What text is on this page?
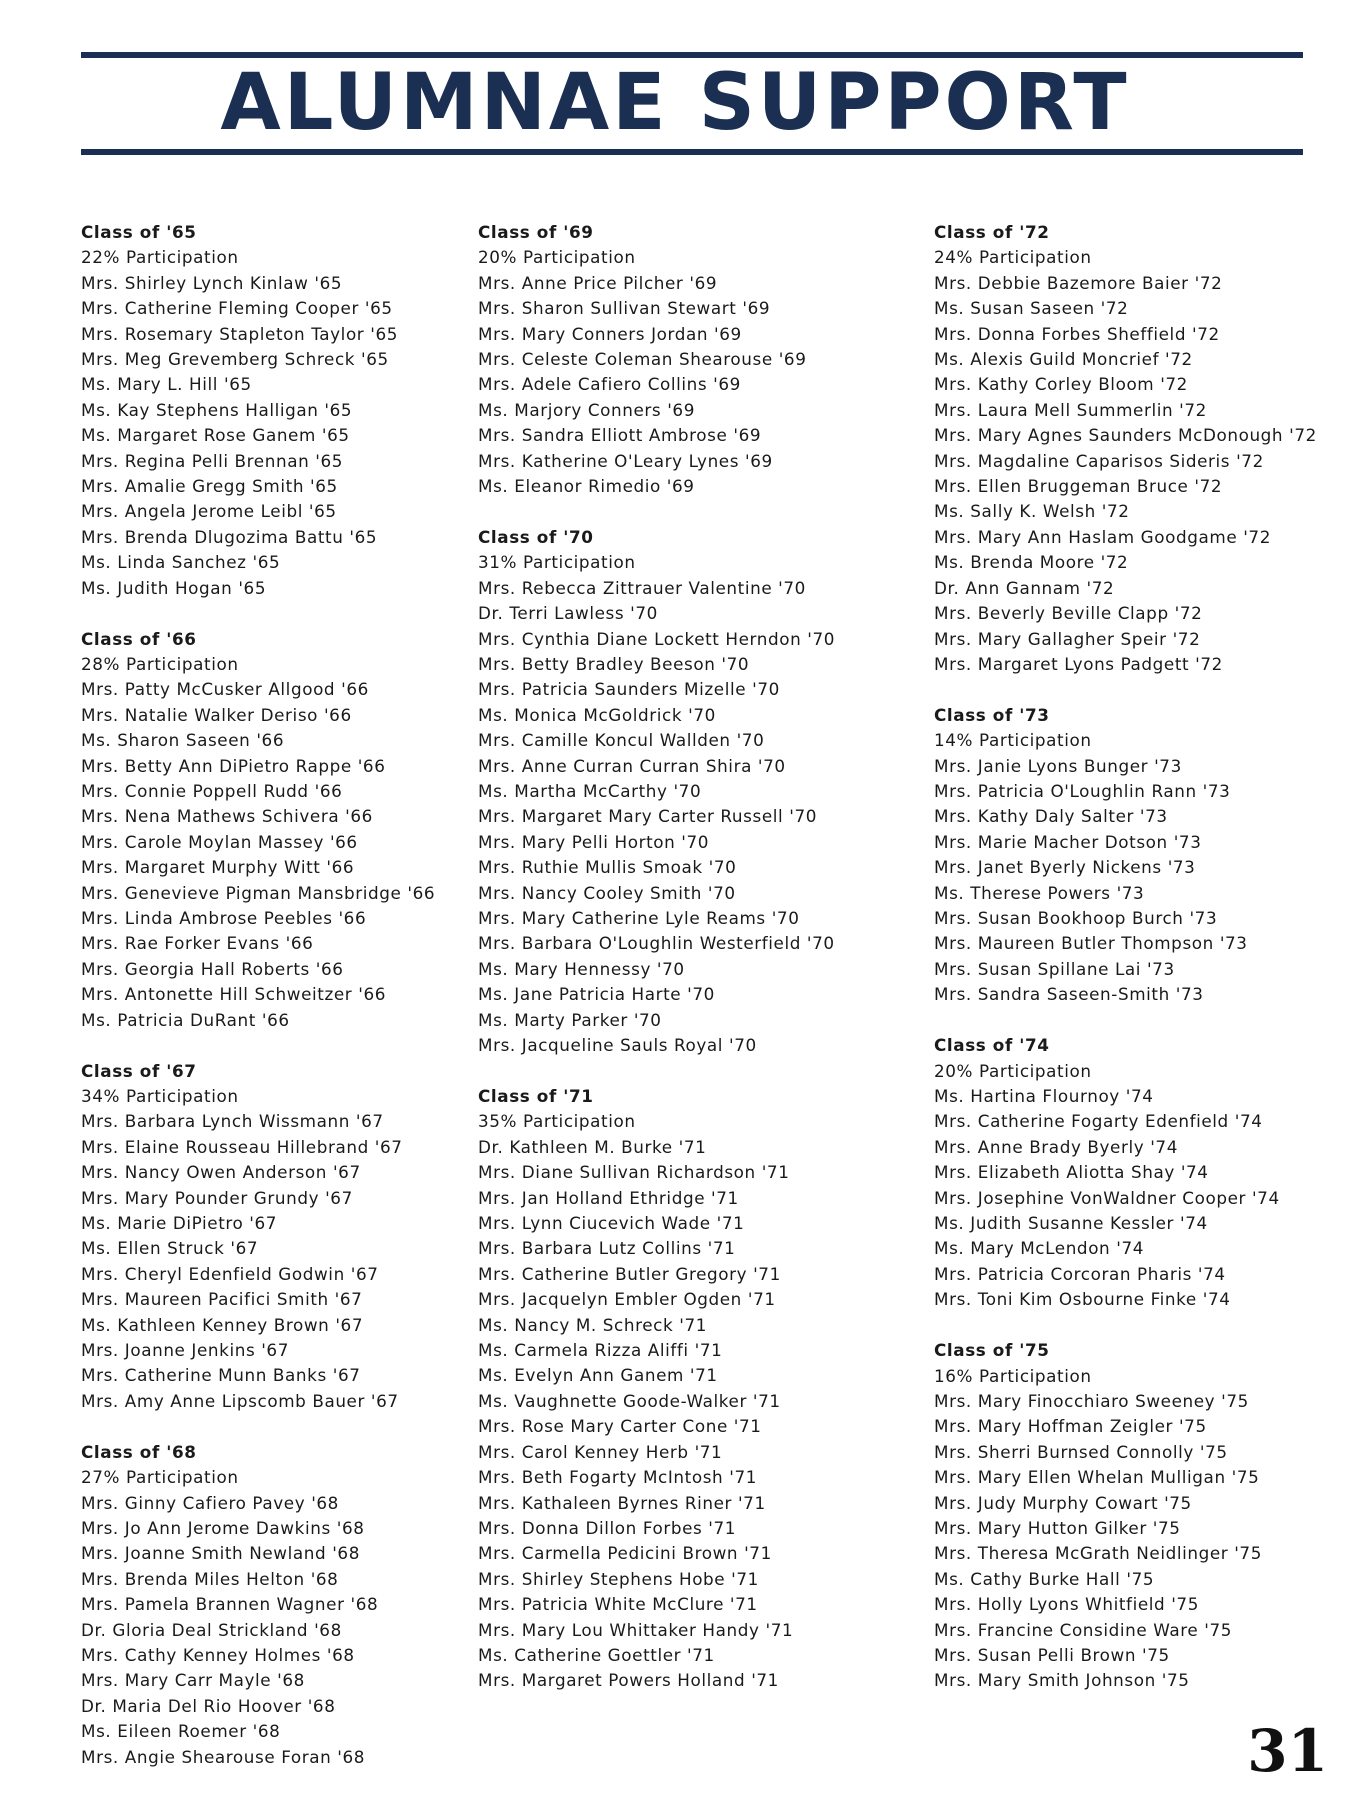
ALUMNAE SUPPORT
Class of '65
22% Participation
Mrs. Shirley Lynch Kinlaw '65
Mrs. Catherine Fleming Cooper '65
Mrs. Rosemary Stapleton Taylor '65
Mrs. Meg Grevemberg Schreck '65
Ms. Mary L. Hill '65
Ms. Kay Stephens Halligan '65
Ms. Margaret Rose Ganem '65
Mrs. Regina Pelli Brennan '65
Mrs. Amalie Gregg Smith '65
Mrs. Angela Jerome Leibl '65
Mrs. Brenda Dlugozima Battu '65
Ms. Linda Sanchez '65
Ms. Judith Hogan '65
Class of '66
28% Participation
Mrs. Patty McCusker Allgood '66
Mrs. Natalie Walker Deriso '66
Ms. Sharon Saseen '66
Mrs. Betty Ann DiPietro Rappe '66
Mrs. Connie Poppell Rudd '66
Mrs. Nena Mathews Schivera '66
Mrs. Carole Moylan Massey '66
Mrs. Margaret Murphy Witt '66
Mrs. Genevieve Pigman Mansbridge '66
Mrs. Linda Ambrose Peebles '66
Mrs. Rae Forker Evans '66
Mrs. Georgia Hall Roberts '66
Mrs. Antonette Hill Schweitzer '66
Ms. Patricia DuRant '66
Class of '67
34% Participation
Mrs. Barbara Lynch Wissmann '67
Mrs. Elaine Rousseau Hillebrand '67
Mrs. Nancy Owen Anderson '67
Mrs. Mary Pounder Grundy '67
Ms. Marie DiPietro '67
Ms. Ellen Struck '67
Mrs. Cheryl Edenfield Godwin '67
Mrs. Maureen Pacifici Smith '67
Ms. Kathleen Kenney Brown '67
Mrs. Joanne Jenkins '67
Mrs. Catherine Munn Banks '67
Mrs. Amy Anne Lipscomb Bauer '67
Class of '68
27% Participation
Mrs. Ginny Cafiero Pavey '68
Mrs. Jo Ann Jerome Dawkins '68
Mrs. Joanne Smith Newland '68
Mrs. Brenda Miles Helton '68
Mrs. Pamela Brannen Wagner '68
Dr. Gloria Deal Strickland '68
Mrs. Cathy Kenney Holmes '68
Mrs. Mary Carr Mayle '68
Dr. Maria Del Rio Hoover '68
Ms. Eileen Roemer '68
Mrs. Angie Shearouse Foran '68
Class of '69
20% Participation
Mrs. Anne Price Pilcher '69
Mrs. Sharon Sullivan Stewart '69
Mrs. Mary Conners Jordan '69
Mrs. Celeste Coleman Shearouse '69
Mrs. Adele Cafiero Collins '69
Ms. Marjory Conners '69
Mrs. Sandra Elliott Ambrose '69
Mrs. Katherine O'Leary Lynes '69
Ms. Eleanor Rimedio '69
Class of '70
31% Participation
Mrs. Rebecca Zittrauer Valentine '70
Dr. Terri Lawless '70
Mrs. Cynthia Diane Lockett Herndon '70
Mrs. Betty Bradley Beeson '70
Mrs. Patricia Saunders Mizelle '70
Ms. Monica McGoldrick '70
Mrs. Camille Koncul Wallden '70
Mrs. Anne Curran Curran Shira '70
Ms. Martha McCarthy '70
Mrs. Margaret Mary Carter Russell '70
Mrs. Mary Pelli Horton '70
Mrs. Ruthie Mullis Smoak '70
Mrs. Nancy Cooley Smith '70
Mrs. Mary Catherine Lyle Reams '70
Mrs. Barbara O'Loughlin Westerfield '70
Ms. Mary Hennessy '70
Ms. Jane Patricia Harte '70
Ms. Marty Parker '70
Mrs. Jacqueline Sauls Royal '70
Class of '71
35% Participation
Dr. Kathleen M. Burke '71
Mrs. Diane Sullivan Richardson '71
Mrs. Jan Holland Ethridge '71
Mrs. Lynn Ciucevich Wade '71
Mrs. Barbara Lutz Collins '71
Mrs. Catherine Butler Gregory '71
Mrs. Jacquelyn Embler Ogden '71
Ms. Nancy M. Schreck '71
Ms. Carmela Rizza Aliffi '71
Ms. Evelyn Ann Ganem '71
Ms. Vaughnette Goode-Walker '71
Mrs. Rose Mary Carter Cone '71
Mrs. Carol Kenney Herb '71
Mrs. Beth Fogarty McIntosh '71
Mrs. Kathaleen Byrnes Riner '71
Mrs. Donna Dillon Forbes '71
Mrs. Carmella Pedicini Brown '71
Mrs. Shirley Stephens Hobe '71
Mrs. Patricia White McClure '71
Mrs. Mary Lou Whittaker Handy '71
Ms. Catherine Goettler '71
Mrs. Margaret Powers Holland '71
Class of '72
24% Participation
Mrs. Debbie Bazemore Baier '72
Ms. Susan Saseen '72
Mrs. Donna Forbes Sheffield '72
Ms. Alexis Guild Moncrief '72
Mrs. Kathy Corley Bloom '72
Mrs. Laura Mell Summerlin '72
Mrs. Mary Agnes Saunders McDonough '72
Mrs. Magdaline Caparisos Sideris '72
Mrs. Ellen Bruggeman Bruce '72
Ms. Sally K. Welsh '72
Mrs. Mary Ann Haslam Goodgame '72
Ms. Brenda Moore '72
Dr. Ann Gannam '72
Mrs. Beverly Beville Clapp '72
Mrs. Mary Gallagher Speir '72
Mrs. Margaret Lyons Padgett '72
Class of '73
14% Participation
Mrs. Janie Lyons Bunger '73
Mrs. Patricia O'Loughlin Rann '73
Mrs. Kathy Daly Salter '73
Mrs. Marie Macher Dotson '73
Mrs. Janet Byerly Nickens '73
Ms. Therese Powers '73
Mrs. Susan Bookhoop Burch '73
Mrs. Maureen Butler Thompson '73
Mrs. Susan Spillane Lai '73
Mrs. Sandra Saseen-Smith '73
Class of '74
20% Participation
Ms. Hartina Flournoy '74
Mrs. Catherine Fogarty Edenfield '74
Mrs. Anne Brady Byerly '74
Mrs. Elizabeth Aliotta Shay '74
Mrs. Josephine VonWaldner Cooper '74
Ms. Judith Susanne Kessler '74
Ms. Mary McLendon '74
Mrs. Patricia Corcoran Pharis '74
Mrs. Toni Kim Osbourne Finke '74
Class of '75
16% Participation
Mrs. Mary Finocchiaro Sweeney '75
Mrs. Mary Hoffman Zeigler '75
Mrs. Sherri Burnsed Connolly '75
Mrs. Mary Ellen Whelan Mulligan '75
Mrs. Judy Murphy Cowart '75
Mrs. Mary Hutton Gilker '75
Mrs. Theresa McGrath Neidlinger '75
Ms. Cathy Burke Hall '75
Mrs. Holly Lyons Whitfield '75
Mrs. Francine Considine Ware '75
Mrs. Susan Pelli Brown '75
Mrs. Mary Smith Johnson '75
31
